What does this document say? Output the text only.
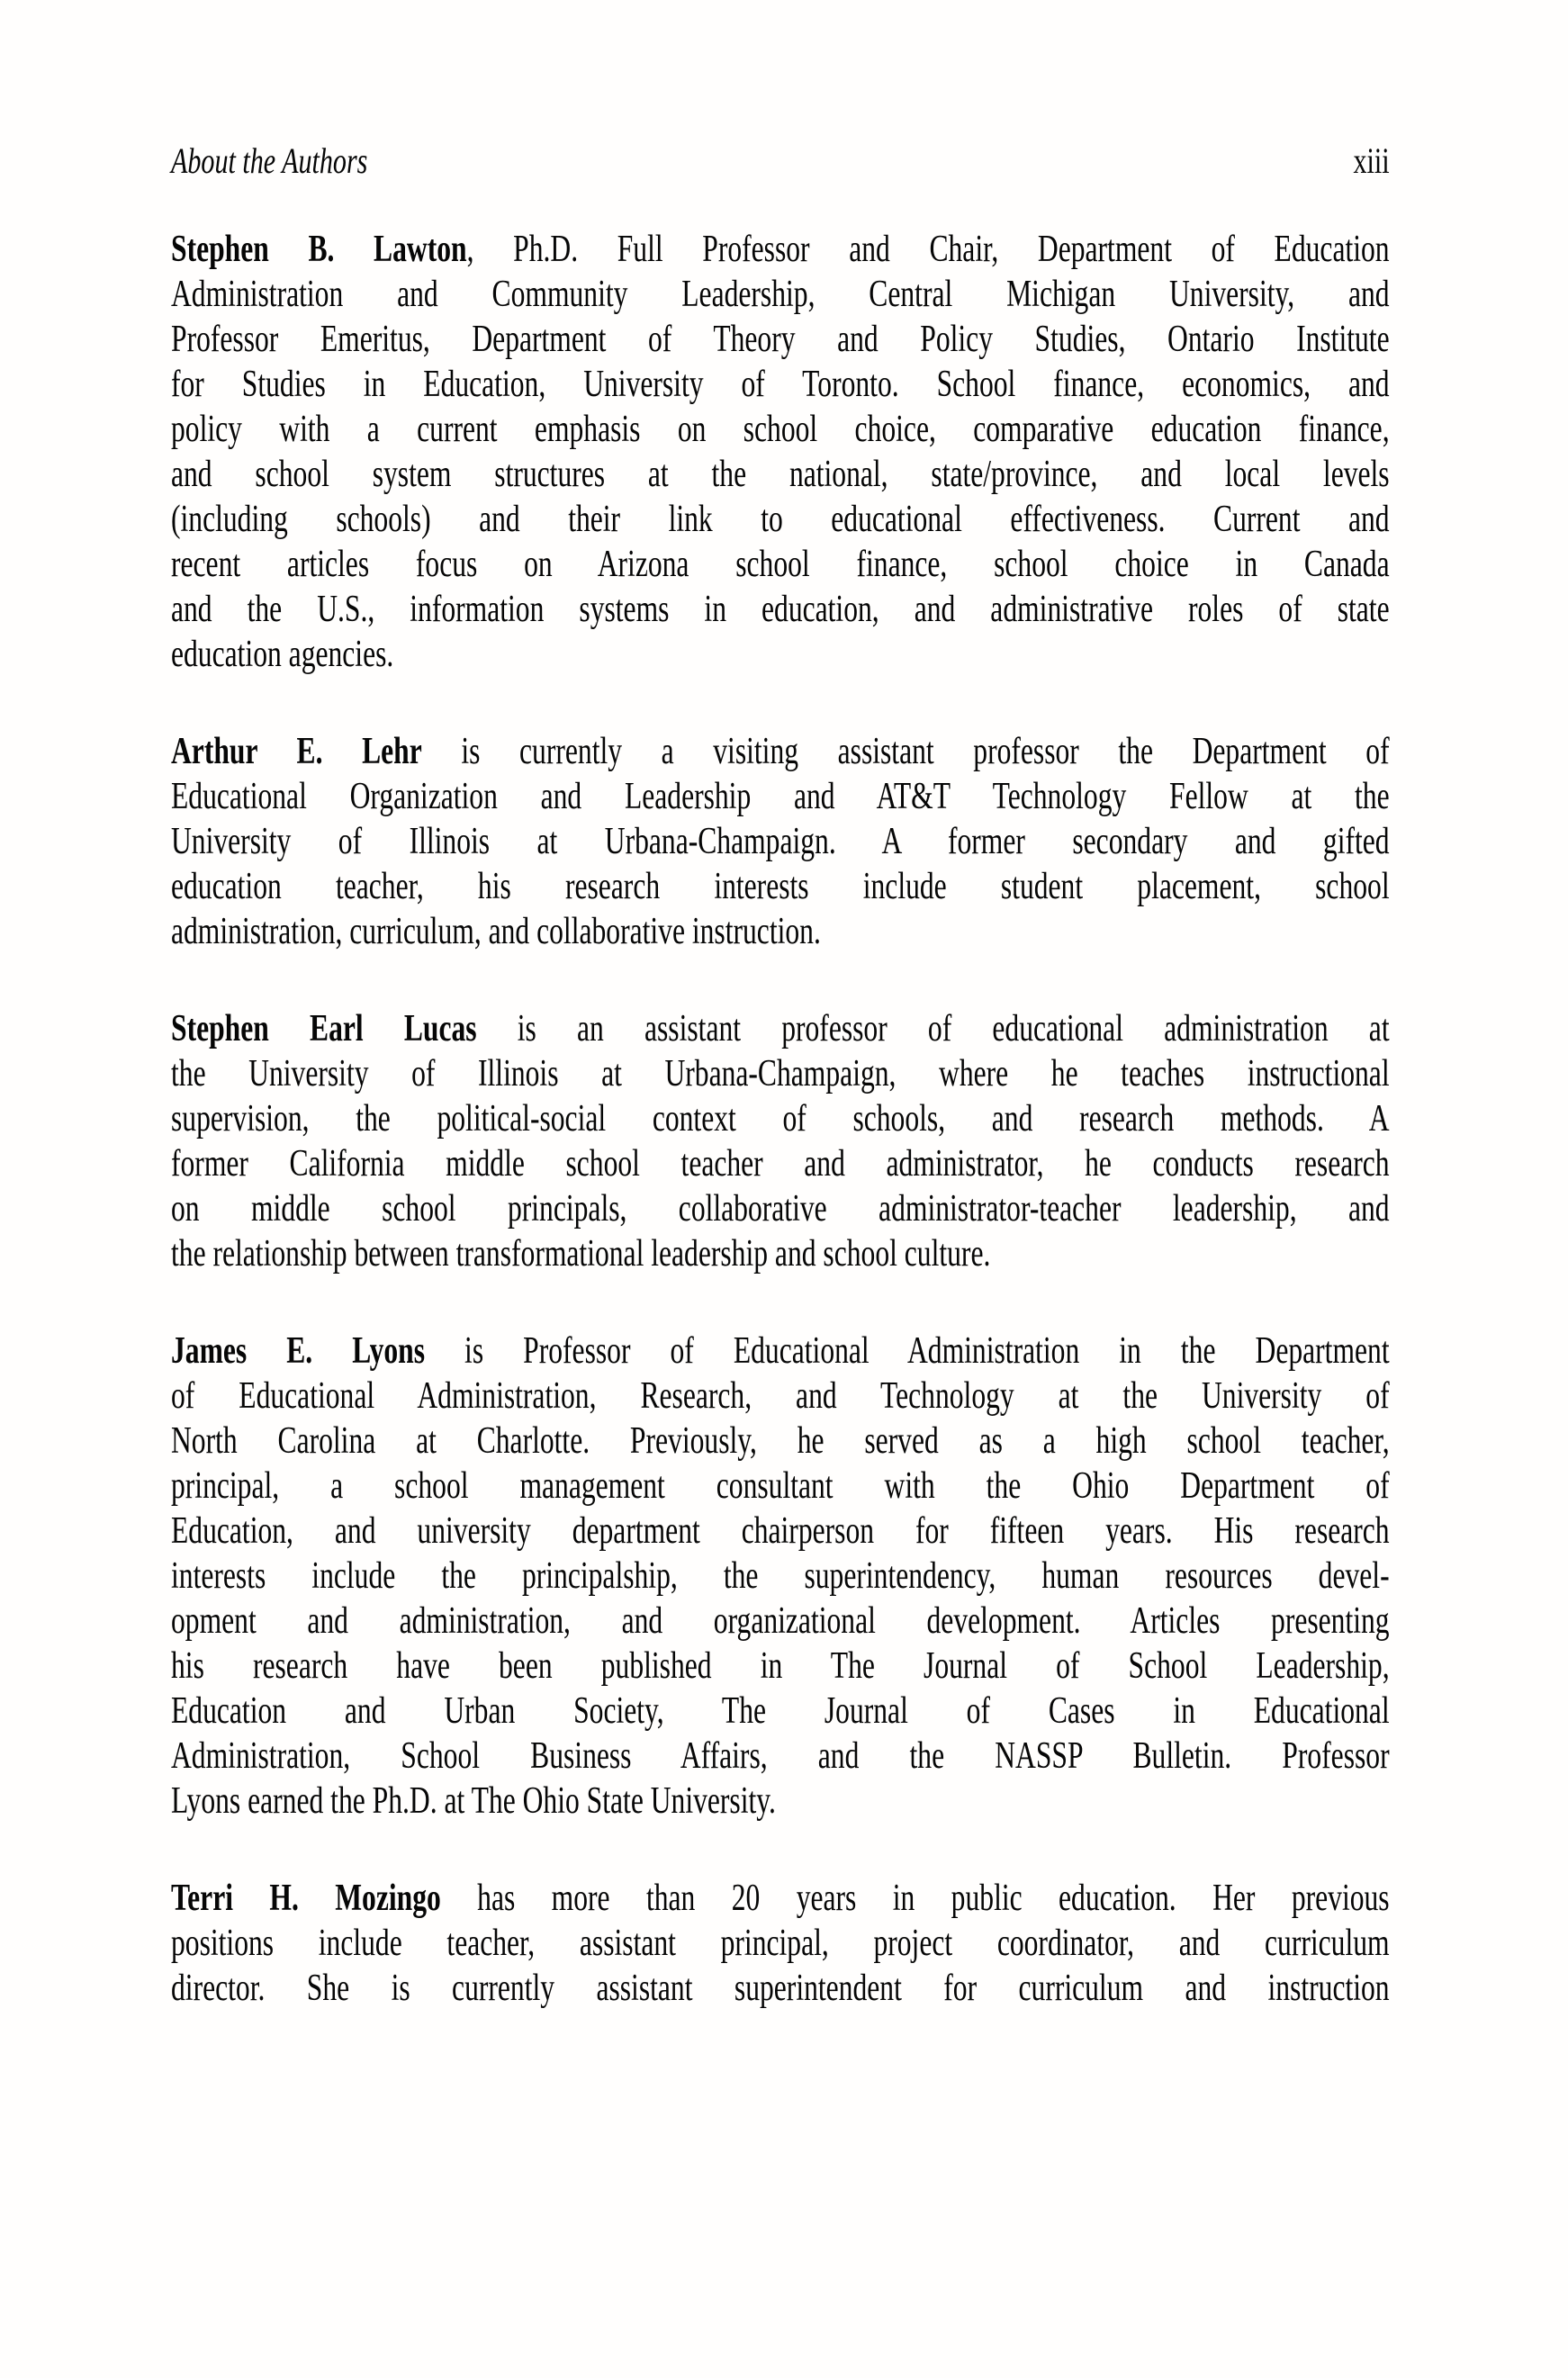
About the Authors	xiii
Stephen B. Lawton, Ph.D. Full Professor and Chair, Department of Education
Administration and Community Leadership, Central Michigan University, and
Professor Emeritus, Department of Theory and Policy Studies, Ontario Institute
for Studies in Education, University of Toronto. School finance, economics, and
policy with a current emphasis on school choice, comparative education finance,
and school system structures at the national, state/province, and local levels
(including schools) and their link to educational effectiveness. Current and
recent articles focus on Arizona school finance, school choice in Canada
and the U.S., information systems in education, and administrative roles of state
education agencies.
Arthur E. Lehr is currently a visiting assistant professor the Department of
Educational Organization and Leadership and AT&T Technology Fellow at the
University of Illinois at Urbana-Champaign. A former secondary and gifted
education teacher, his research interests include student placement, school
administration, curriculum, and collaborative instruction.
Stephen Earl Lucas is an assistant professor of educational administration at
the University of Illinois at Urbana-Champaign, where he teaches instructional
supervision, the political-social context of schools, and research methods. A
former California middle school teacher and administrator, he conducts research
on middle school principals, collaborative administrator-teacher leadership, and
the relationship between transformational leadership and school culture.
James E. Lyons is Professor of Educational Administration in the Department
of Educational Administration, Research, and Technology at the University of
North Carolina at Charlotte. Previously, he served as a high school teacher,
principal, a school management consultant with the Ohio Department of
Education, and university department chairperson for fifteen years. His research
interests include the principalship, the superintendency, human resources devel-
opment and administration, and organizational development. Articles presenting
his research have been published in The Journal of School Leadership,
Education and Urban Society, The Journal of Cases in Educational
Administration, School Business Affairs, and the NASSP Bulletin. Professor
Lyons earned the Ph.D. at The Ohio State University.
Terri H. Mozingo has more than 20 years in public education. Her previous
positions include teacher, assistant principal, project coordinator, and curriculum
director. She is currently assistant superintendent for curriculum and instruction
